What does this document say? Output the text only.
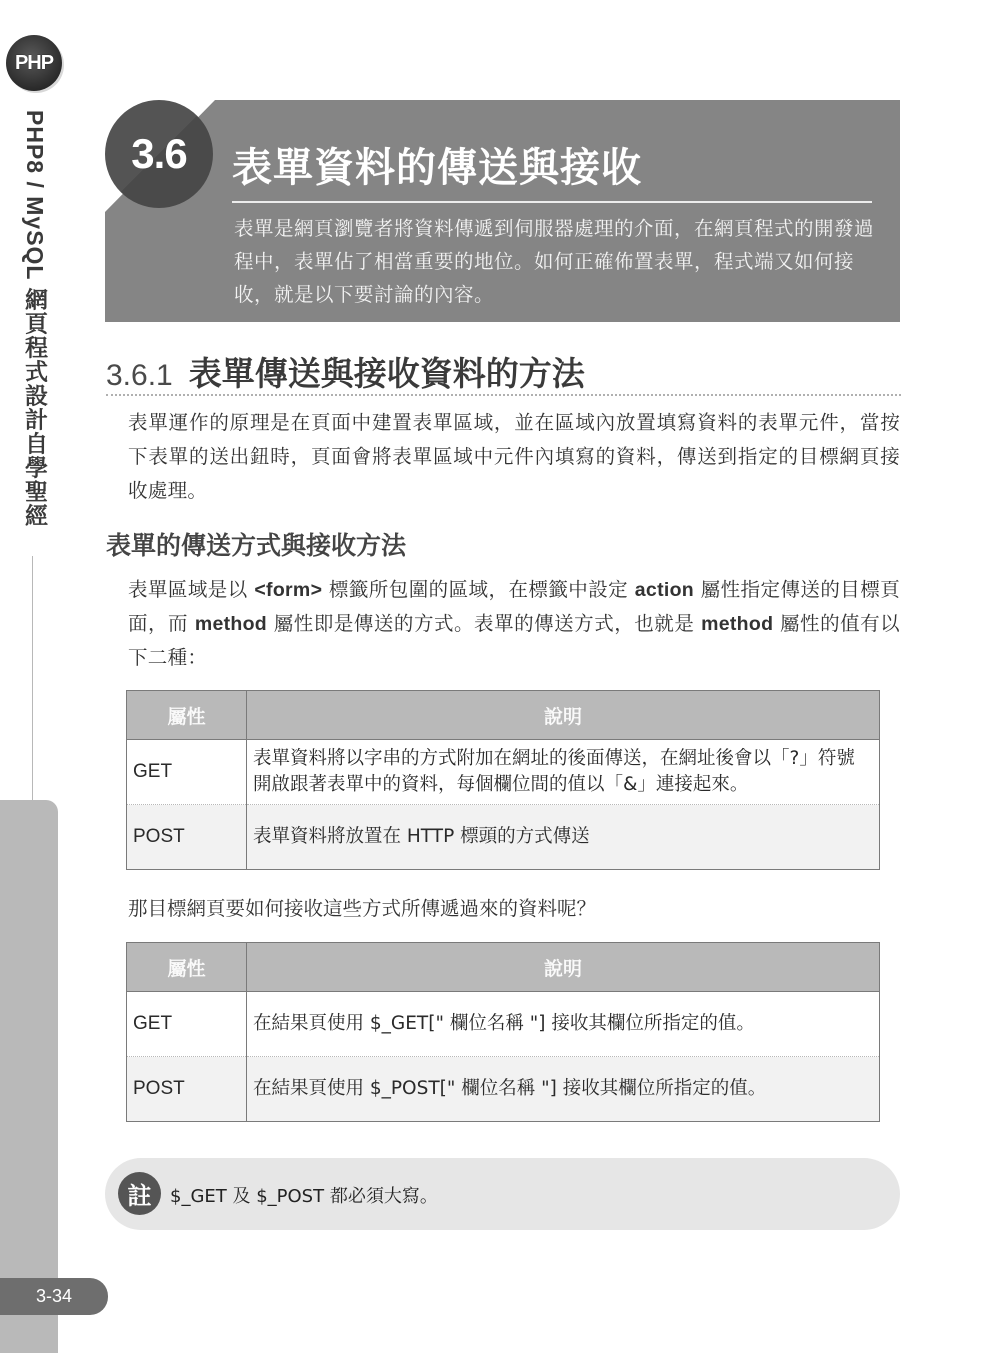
PHP
PHP8 / MySQL 網頁程式設計自學聖經
3-34
3.6 表單資料的傳送與接收
表單是網頁瀏覽者將資料傳遞到伺服器處理的介面，在網頁程式的開發過程中，表單佔了相當重要的地位。如何正確佈置表單，程式端又如何接收，就是以下要討論的內容。
3.6.1 表單傳送與接收資料的方法
表單運作的原理是在頁面中建置表單區域，並在區域內放置填寫資料的表單元件，當按下表單的送出鈕時，頁面會將表單區域中元件內填寫的資料，傳送到指定的目標網頁接收處理。
表單的傳送方式與接收方法
表單區域是以 <form> 標籤所包圍的區域，在標籤中設定 action 屬性指定傳送的目標頁面，而 method 屬性即是傳送的方式。表單的傳送方式，也就是 method 屬性的值有以下二種：
屬性	說明
GET	表單資料將以字串的方式附加在網址的後面傳送，在網址後會以「?」符號開啟跟著表單中的資料，每個欄位間的值以「&」連接起來。
POST	表單資料將放置在 HTTP 標頭的方式傳送
那目標網頁要如何接收這些方式所傳遞過來的資料呢？
屬性	說明
GET	在結果頁使用 $_GET[" 欄位名稱 "] 接收其欄位所指定的值。
POST	在結果頁使用 $_POST[" 欄位名稱 "] 接收其欄位所指定的值。
註	$_GET 及 $_POST 都必須大寫。
